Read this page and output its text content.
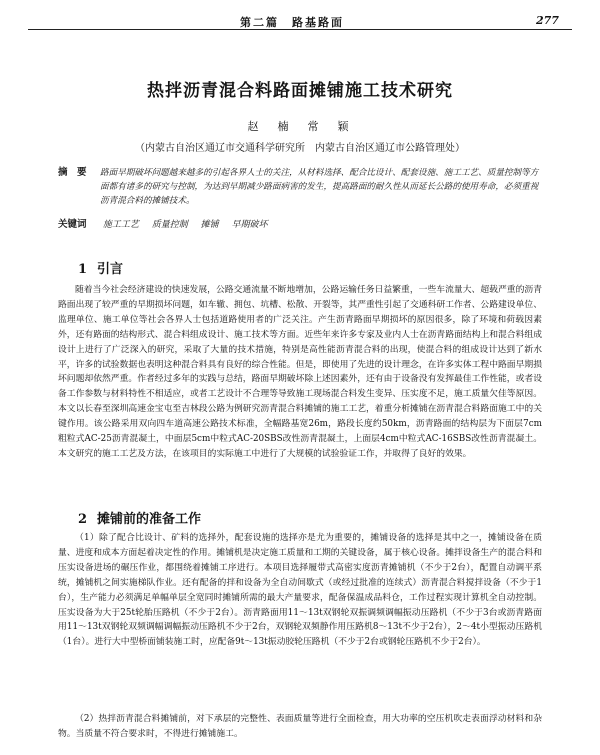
第二篇　路基路面	277
热拌沥青混合料路面摊铺施工技术研究
赵　楠　常　颖
（内蒙古自治区通辽市交通科学研究所　内蒙古自治区通辽市公路管理处）
摘　要 路面早期破坏问题越来越多的引起各界人士的关注，从材料选择、配合比设计、配套设施、施工工艺、质量控制等方面都有诸多的研究与控制，为达到早期减少路面病害的发生，提高路面的耐久性从而延长公路的使用寿命，必须重视沥青混合料的摊铺技术。
关键词 施工工艺 质量控制 摊铺 早期破坏
1 引言
随着当今社会经济建设的快速发展，公路交通流量不断地增加，公路运输任务日益繁重，一些车流量大、超载严重的沥青路面出现了较严重的早期损坏问题，如车辙、拥包、坑槽、松散、开裂等，其严重性引起了交通科研工作者、公路建设单位、监理单位、施工单位等社会各界人士包括道路使用者的广泛关注。产生沥青路面早期损坏的原因很多，除了环境和荷载因素外，还有路面的结构形式、混合料组成设计、施工技术等方面。近些年来许多专家及业内人士在沥青路面结构上和混合料组成设计上进行了广泛深入的研究，采取了大量的技术措施，特别是高性能沥青混合料的出现，使混合料的组成设计达到了新水平，许多的试验数据也表明这种混合料具有良好的综合性能。但是，即使用了先进的设计理念，在许多实体工程中路面早期损坏问题却依然严重。作者经过多年的实践与总结，路面早期破坏除上述因素外，还有由于设备没有发挥最佳工作性能，或者设备工作参数与材料特性不相适应，或者工艺设计不合理等导致施工现场混合料发生变异、压实度不足，施工质量欠佳等原因。本文以长春至深圳高速金宝屯至吉林段公路为例研究沥青混合料摊铺的施工工艺，着重分析摊铺在沥青混合料路面施工中的关键作用。该公路采用双向四车道高速公路技术标准，全幅路基宽26m，路段长度约50km，沥青路面的结构层为下面层7cm粗粒式AC-25沥青混凝土，中面层5cm中粒式AC-20SBS改性沥青混凝土，上面层4cm中粒式AC-16SBS改性沥青混凝土。本文研究的施工工艺及方法，在该项目的实际施工中进行了大规模的试验验证工作，并取得了良好的效果。
2 摊铺前的准备工作
（1）除了配合比设计、矿料的选择外，配套设施的选择亦是尤为重要的，摊铺设备的选择是其中之一，摊铺设备在质量、进度和成本方面起着决定性的作用。摊铺机是决定施工质量和工期的关键设备，属于核心设备。摊拌设备生产的混合料和压实设备进场的碾压作业，都围绕着摊铺工序进行。本项目选择履带式高密实度沥青摊铺机（不少于2台），配置自动调平系统，摊铺机之间实施梯队作业。还有配备的拌和设备为全自动间歇式（或经过批准的连续式）沥青混合料搅拌设备（不少于1台），生产能力必须满足单幅单层全宽同时摊铺所需的最大产量要求，配备保温成品料仓，工作过程实现计算机全自动控制。压实设备为大于25t轮胎压路机（不少于2台）。沥青路面用11～13t双钢轮双振调频调幅振动压路机（不少于3台或沥青路面用11～13t双钢轮双频调幅调幅振动压路机不少于2台，双钢轮双频静作用压路机8～13t不少于2台），2～4t小型振动压路机（1台）。进行大中型桥面铺装施工时，应配备9t～13t振动胶轮压路机（不少于2台或钢轮压路机不少于2台）。
（2）热拌沥青混合料摊铺前，对下承层的完整性、表面质量等进行全面检查，用大功率的空压机吹走表面浮动材料和杂物。当质量不符合要求时，不得进行摊铺施工。
